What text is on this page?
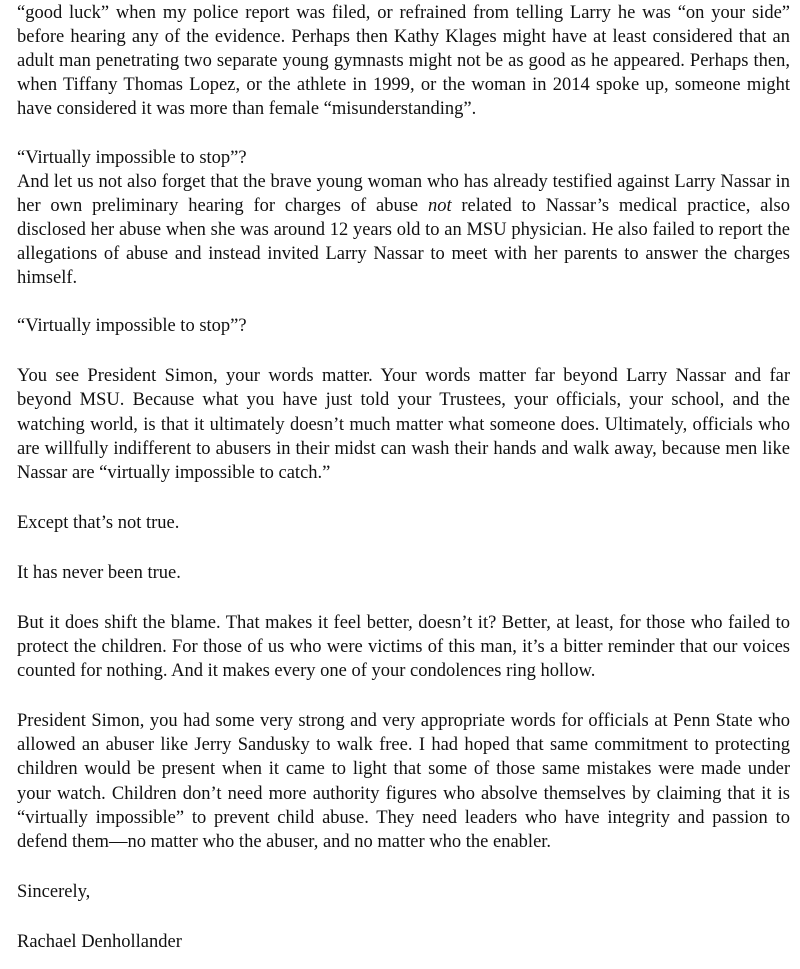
“good luck” when my police report was filed, or refrained from telling Larry he was “on your side” before hearing any of the evidence. Perhaps then Kathy Klages might have at least considered that an adult man penetrating two separate young gymnasts might not be as good as he appeared. Perhaps then, when Tiffany Thomas Lopez, or the athlete in 1999, or the woman in 2014 spoke up, someone might have considered it was more than female “misunderstanding”.

“Virtually impossible to stop”?

And let us not also forget that the brave young woman who has already testified against Larry Nassar in her own preliminary hearing for charges of abuse not related to Nassar’s medical practice, also disclosed her abuse when she was around 12 years old to an MSU physician. He also failed to report the allegations of abuse and instead invited Larry Nassar to meet with her parents to answer the charges himself.

“Virtually impossible to stop”?

You see President Simon, your words matter. Your words matter far beyond Larry Nassar and far beyond MSU. Because what you have just told your Trustees, your officials, your school, and the watching world, is that it ultimately doesn’t much matter what someone does. Ultimately, officials who are willfully indifferent to abusers in their midst can wash their hands and walk away, because men like Nassar are “virtually impossible to catch.”

Except that’s not true.

It has never been true.

But it does shift the blame. That makes it feel better, doesn’t it? Better, at least, for those who failed to protect the children. For those of us who were victims of this man, it’s a bitter reminder that our voices counted for nothing. And it makes every one of your condolences ring hollow.

President Simon, you had some very strong and very appropriate words for officials at Penn State who allowed an abuser like Jerry Sandusky to walk free. I had hoped that same commitment to protecting children would be present when it came to light that some of those same mistakes were made under your watch. Children don’t need more authority figures who absolve themselves by claiming that it is “virtually impossible” to prevent child abuse. They need leaders who have integrity and passion to defend them—no matter who the abuser, and no matter who the enabler.

Sincerely,

Rachael Denhollander
